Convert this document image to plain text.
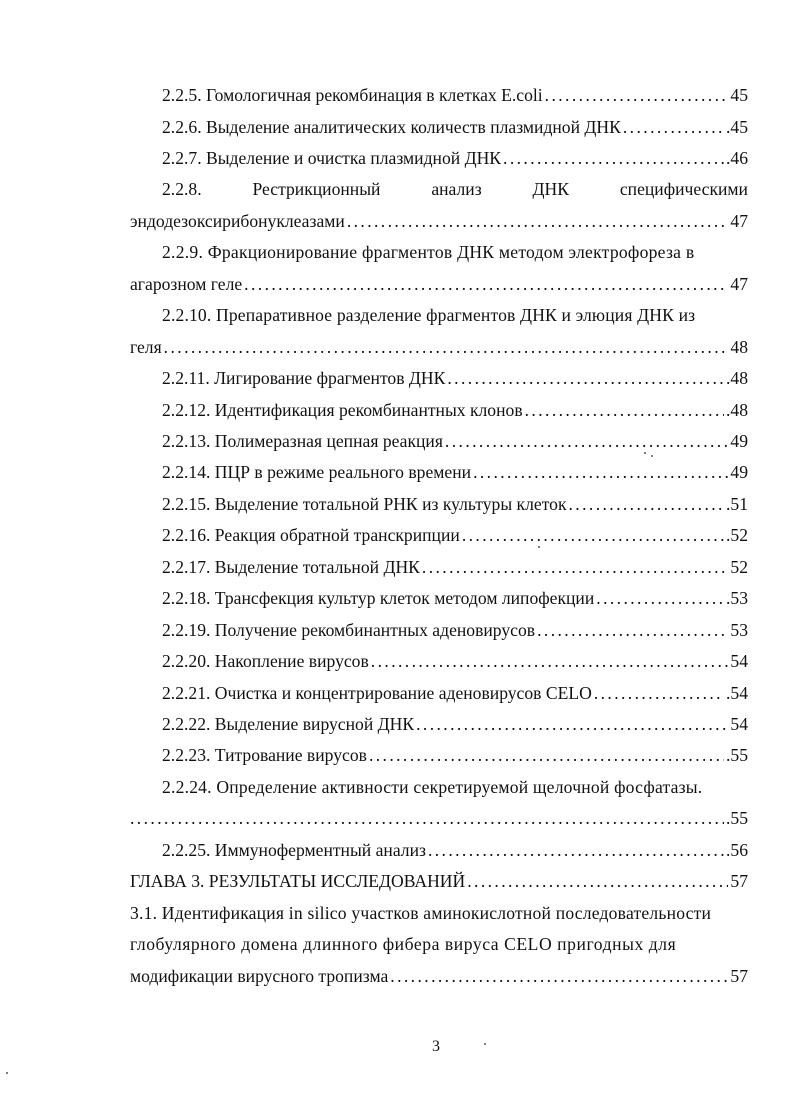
2.2.5. Гомологичная рекомбинация в клетках E.coli . . .	45
2.2.6. Выделение аналитических количеств плазмидной ДНК . . .	.45
2.2.7. Выделение и очистка плазмидной ДНК . . .	.46
2.2.8.	Рестрикционный	анализ	ДНК	специфическими
эндодезоксирибонуклеазами . . .	47
2.2.9. Фракционирование фрагментов ДНК методом электрофореза в
агарозном геле . . .	47
2.2.10. Препаративное разделение фрагментов ДНК и элюция ДНК из
геля . . .	48
2.2.11. Лигирование фрагментов ДНК . . .	.48
2.2.12. Идентификация рекомбинантных клонов . . .	.48
2.2.13. Полимеразная цепная реакция . . .	49
2.2.14. ПЦР в режиме реального времени . . .	49
2.2.15. Выделение тотальной РНК из культуры клеток . . .	.51
2.2.16. Реакция обратной транскрипции . . .	.52
2.2.17. Выделение тотальной ДНК . . .	52
2.2.18. Трансфекция культур клеток методом липофекции . . .	.53
2.2.19. Получение рекомбинантных аденовирусов . . .	53
2.2.20. Накопление вирусов . . .	54
2.2.21. Очистка и концентрирование аденовирусов CELO . . .	.54
2.2.22. Выделение вирусной ДНК . . .	54
2.2.23. Титрование вирусов . . .	.55
2.2.24. Определение активности секретируемой щелочной фосфатазы.
. . .
.55
2.2.25. Иммуноферментный анализ . . .	.56
ГЛАВА 3. РЕЗУЛЬТАТЫ ИССЛЕДОВАНИЙ . . .	57
3.1. Идентификация in silico участков аминокислотной последовательности
глобулярного домена длинного фибера вируса CELO пригодных для
модификации вирусного тропизма . . .	57
3
